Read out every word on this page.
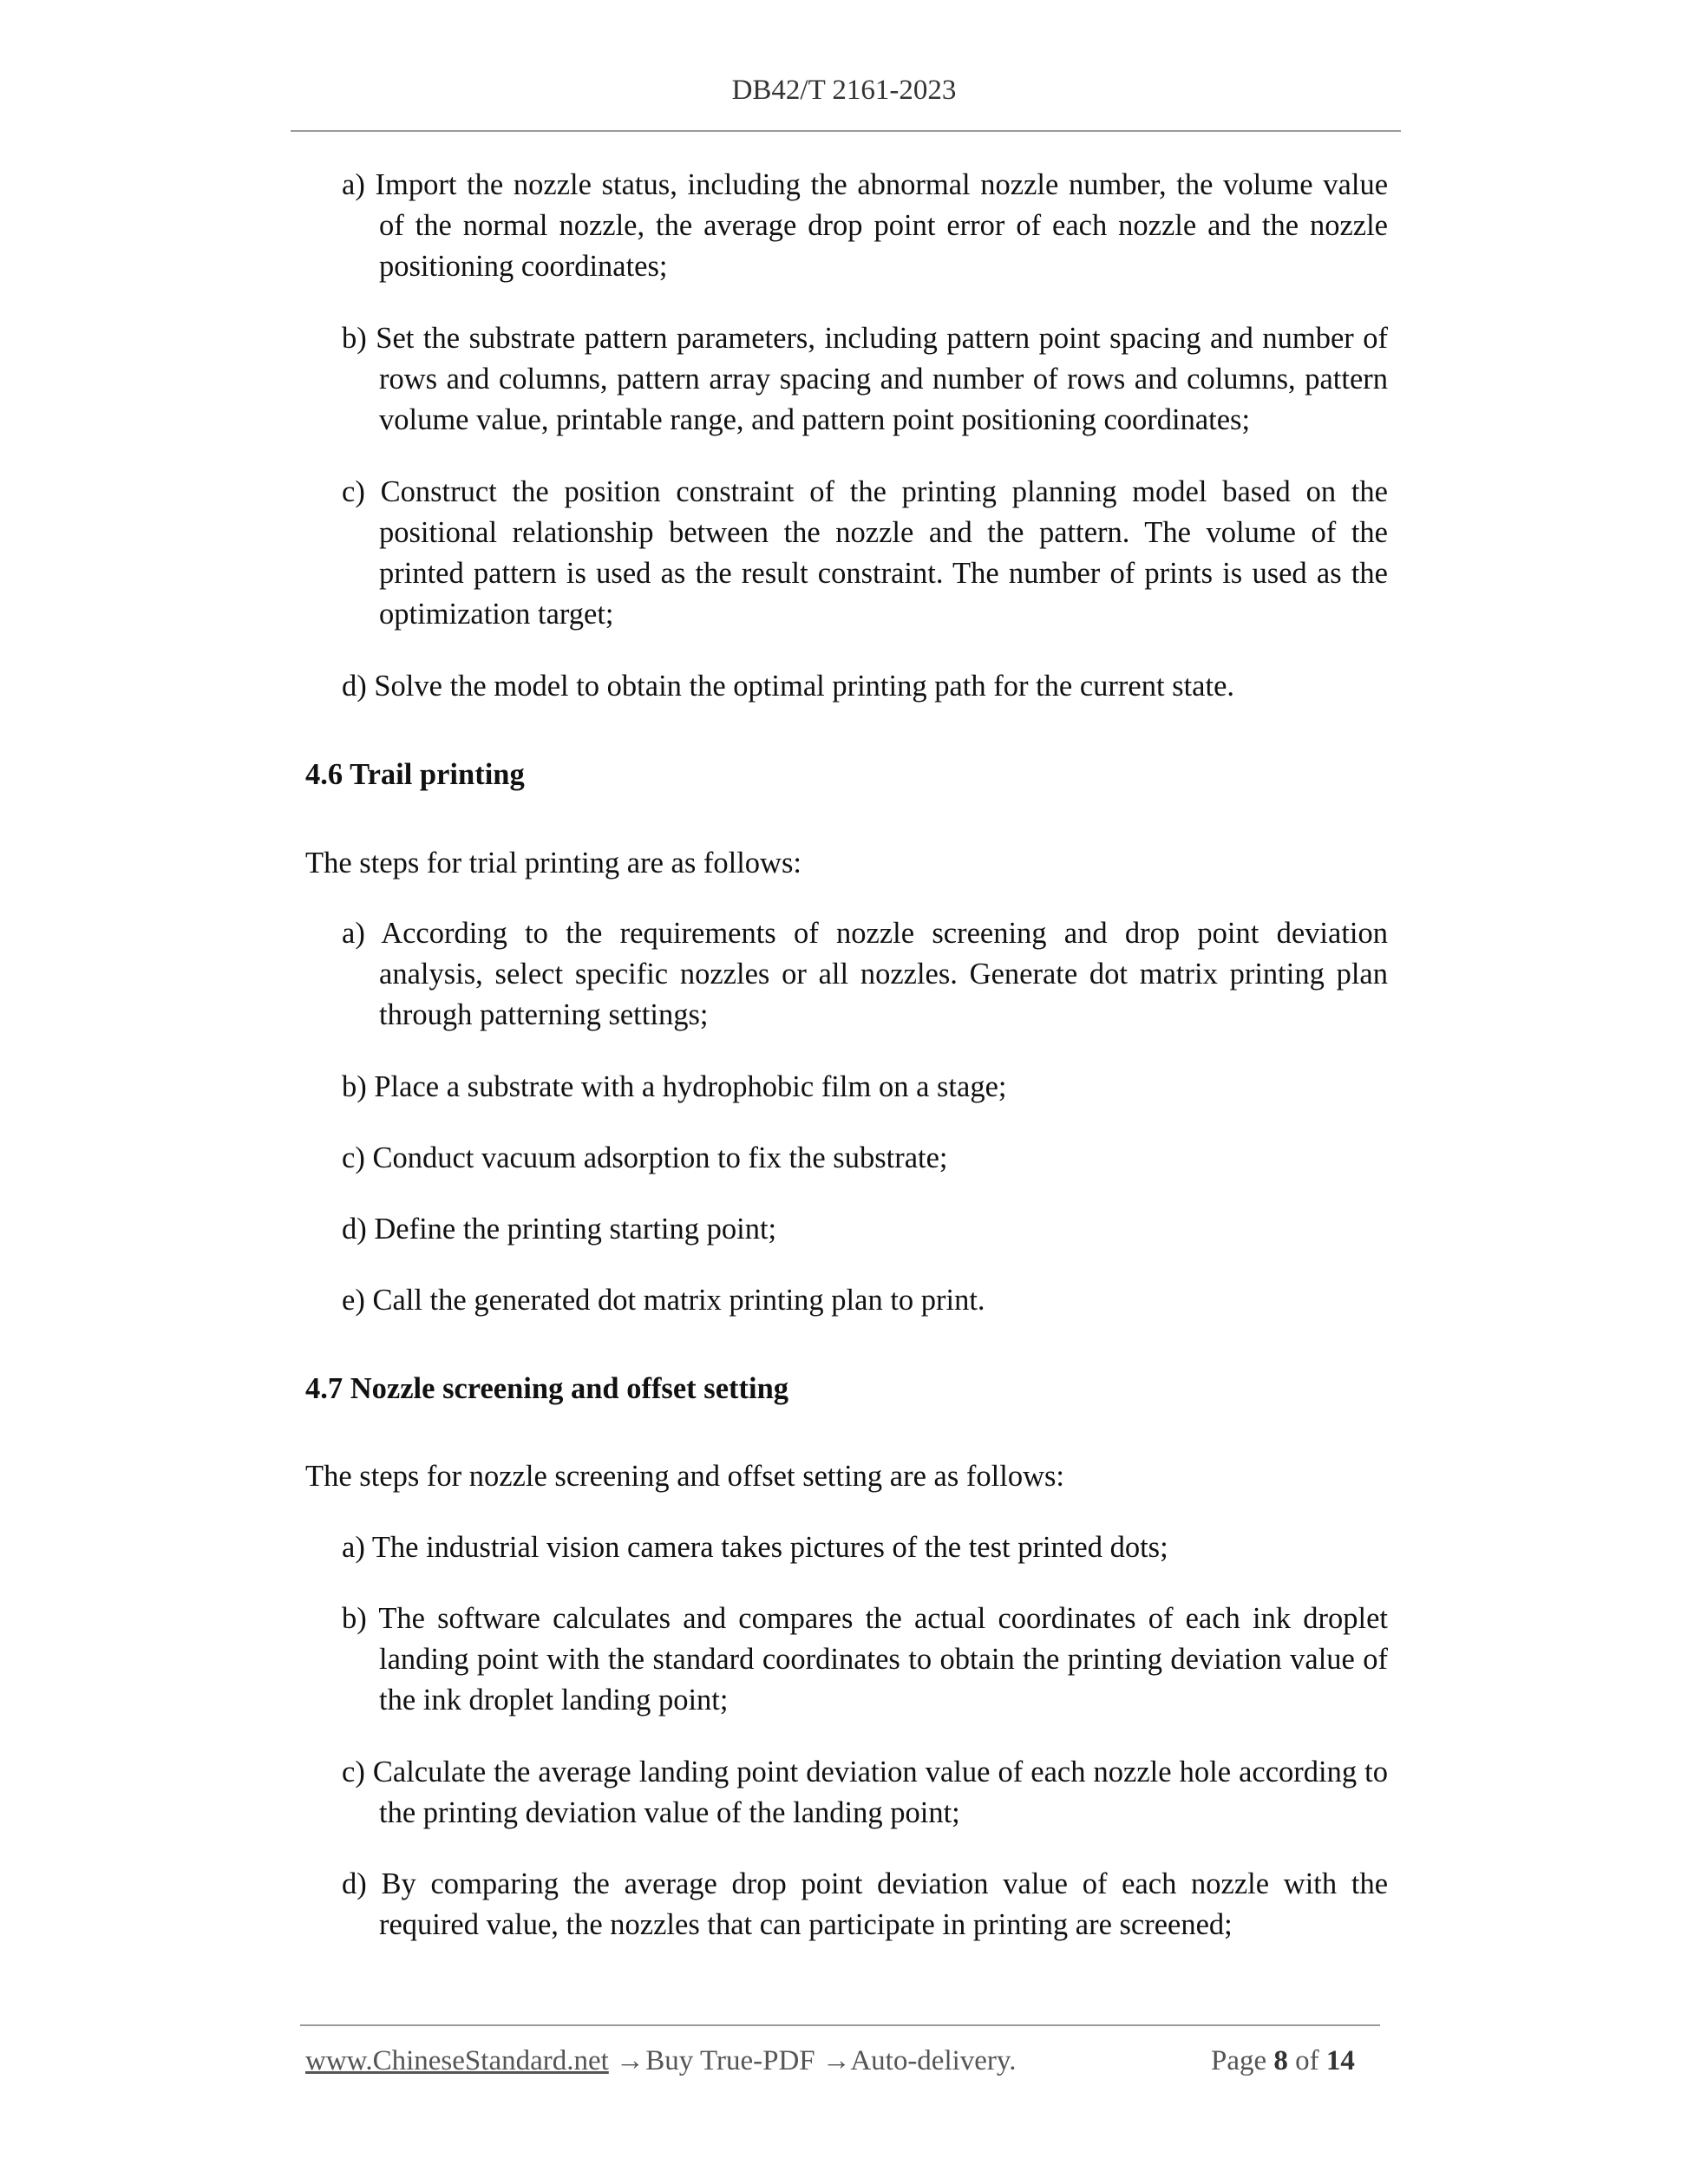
DB42/T 2161-2023
a) Import the nozzle status, including the abnormal nozzle number, the volume value of the normal nozzle, the average drop point error of each nozzle and the nozzle positioning coordinates;
b) Set the substrate pattern parameters, including pattern point spacing and number of rows and columns, pattern array spacing and number of rows and columns, pattern volume value, printable range, and pattern point positioning coordinates;
c) Construct the position constraint of the printing planning model based on the positional relationship between the nozzle and the pattern. The volume of the printed pattern is used as the result constraint. The number of prints is used as the optimization target;
d) Solve the model to obtain the optimal printing path for the current state.
4.6 Trail printing
The steps for trial printing are as follows:
a) According to the requirements of nozzle screening and drop point deviation analysis, select specific nozzles or all nozzles. Generate dot matrix printing plan through patterning settings;
b) Place a substrate with a hydrophobic film on a stage;
c) Conduct vacuum adsorption to fix the substrate;
d) Define the printing starting point;
e) Call the generated dot matrix printing plan to print.
4.7 Nozzle screening and offset setting
The steps for nozzle screening and offset setting are as follows:
a) The industrial vision camera takes pictures of the test printed dots;
b) The software calculates and compares the actual coordinates of each ink droplet landing point with the standard coordinates to obtain the printing deviation value of the ink droplet landing point;
c) Calculate the average landing point deviation value of each nozzle hole according to the printing deviation value of the landing point;
d) By comparing the average drop point deviation value of each nozzle with the required value, the nozzles that can participate in printing are screened;
www.ChineseStandard.net → Buy True-PDF → Auto-delivery.	Page 8 of 14
